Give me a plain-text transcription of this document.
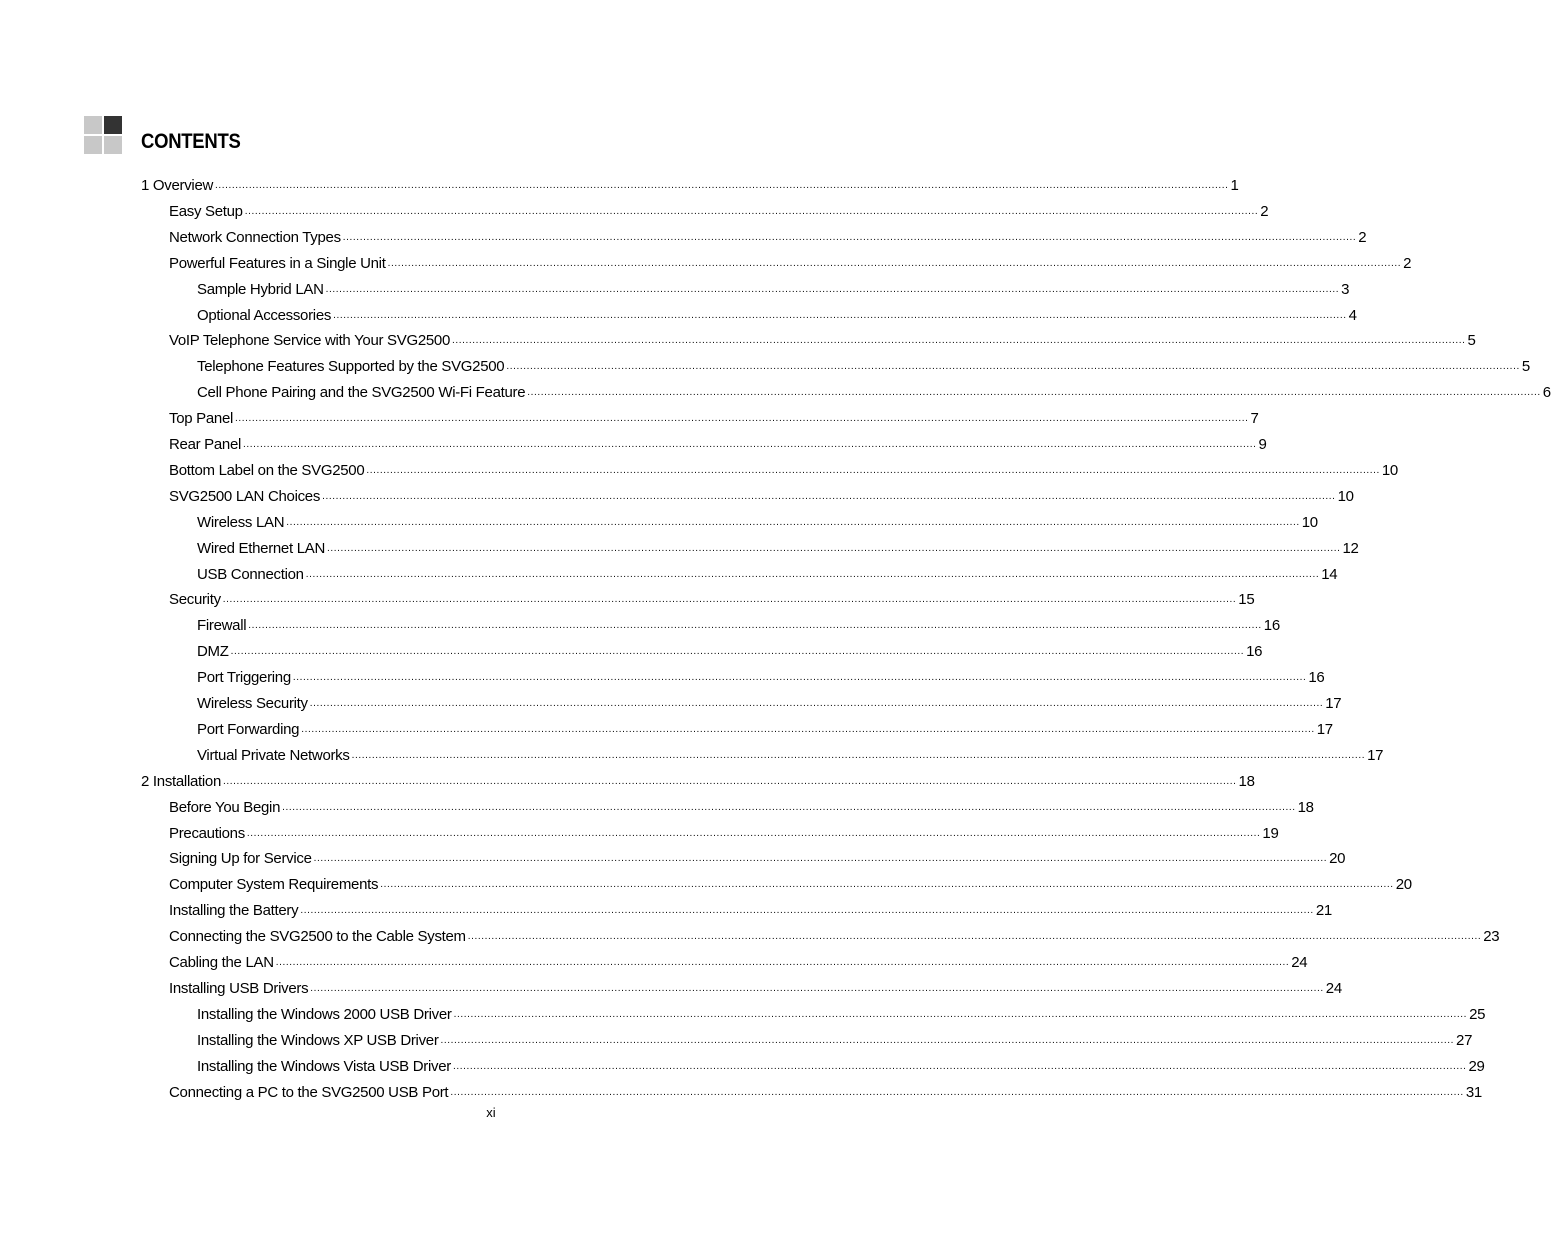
CONTENTS
1 Overview ............................................................................................................................................................................................................................................................................................................ 1
Easy Setup ............................................................................................................................................................................................................................................................................................................ 2
Network Connection Types ............................................................................................................................................................................................................................................................................................................ 2
Powerful Features in a Single Unit ............................................................................................................................................................................................................................................................................................................ 2
Sample Hybrid LAN ............................................................................................................................................................................................................................................................................................................ 3
Optional Accessories ............................................................................................................................................................................................................................................................................................................ 4
VoIP Telephone Service with Your SVG2500 ............................................................................................................................................................................................................................................................................................................ 5
Telephone Features Supported by the SVG2500 ............................................................................................................................................................................................................................................................................................................ 5
Cell Phone Pairing and the SVG2500 Wi-Fi Feature ............................................................................................................................................................................................................................................................................................................ 6
Top Panel ............................................................................................................................................................................................................................................................................................................ 7
Rear Panel ............................................................................................................................................................................................................................................................................................................ 9
Bottom Label on the SVG2500 ............................................................................................................................................................................................................................................................................................................ 10
SVG2500 LAN Choices ............................................................................................................................................................................................................................................................................................................ 10
Wireless LAN ............................................................................................................................................................................................................................................................................................................ 10
Wired Ethernet LAN ............................................................................................................................................................................................................................................................................................................ 12
USB Connection ............................................................................................................................................................................................................................................................................................................ 14
Security ............................................................................................................................................................................................................................................................................................................ 15
Firewall ............................................................................................................................................................................................................................................................................................................ 16
DMZ ............................................................................................................................................................................................................................................................................................................ 16
Port Triggering ............................................................................................................................................................................................................................................................................................................ 16
Wireless Security ............................................................................................................................................................................................................................................................................................................ 17
Port Forwarding ............................................................................................................................................................................................................................................................................................................ 17
Virtual Private Networks ............................................................................................................................................................................................................................................................................................................ 17
2 Installation ............................................................................................................................................................................................................................................................................................................ 18
Before You Begin ............................................................................................................................................................................................................................................................................................................ 18
Precautions ............................................................................................................................................................................................................................................................................................................ 19
Signing Up for Service ............................................................................................................................................................................................................................................................................................................ 20
Computer System Requirements ............................................................................................................................................................................................................................................................................................................ 20
Installing the Battery ............................................................................................................................................................................................................................................................................................................ 21
Connecting the SVG2500 to the Cable System ............................................................................................................................................................................................................................................................................................................ 23
Cabling the LAN ............................................................................................................................................................................................................................................................................................................ 24
Installing USB Drivers ............................................................................................................................................................................................................................................................................................................ 24
Installing the Windows 2000 USB Driver ............................................................................................................................................................................................................................................................................................................ 25
Installing the Windows XP USB Driver ............................................................................................................................................................................................................................................................................................................ 27
Installing the Windows Vista USB Driver ............................................................................................................................................................................................................................................................................................................ 29
Connecting a PC to the SVG2500 USB Port ............................................................................................................................................................................................................................................................................................................ 31
xi
